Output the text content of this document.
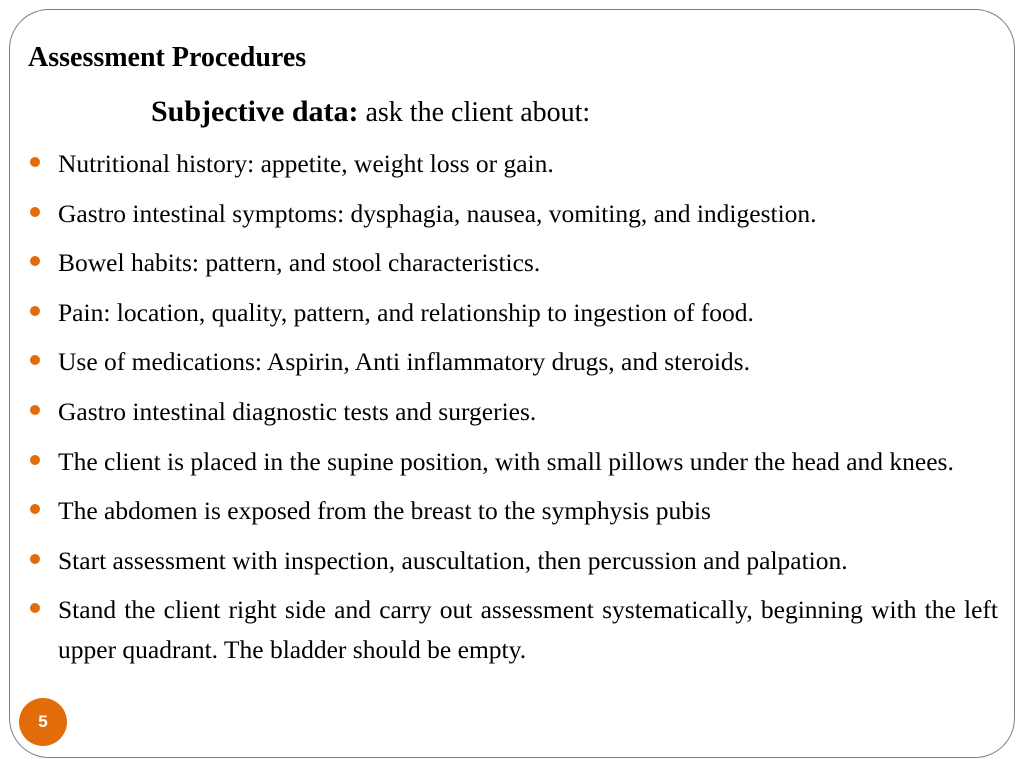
Assessment Procedures

Subjective data: ask the client about:

Nutritional history: appetite, weight loss or gain.
Gastro intestinal symptoms: dysphagia, nausea, vomiting, and indigestion.
Bowel habits: pattern, and stool characteristics.
Pain: location, quality, pattern, and relationship to ingestion of food.
Use of medications: Aspirin, Anti inflammatory drugs, and steroids.
Gastro intestinal diagnostic tests and surgeries.
The client is placed in the supine position, with small pillows under the head and knees.
The abdomen is exposed from the breast to the symphysis pubis
Start assessment with inspection, auscultation, then percussion and palpation.
Stand the client right side and carry out assessment systematically, beginning with the left upper quadrant. The bladder should be empty.
5
